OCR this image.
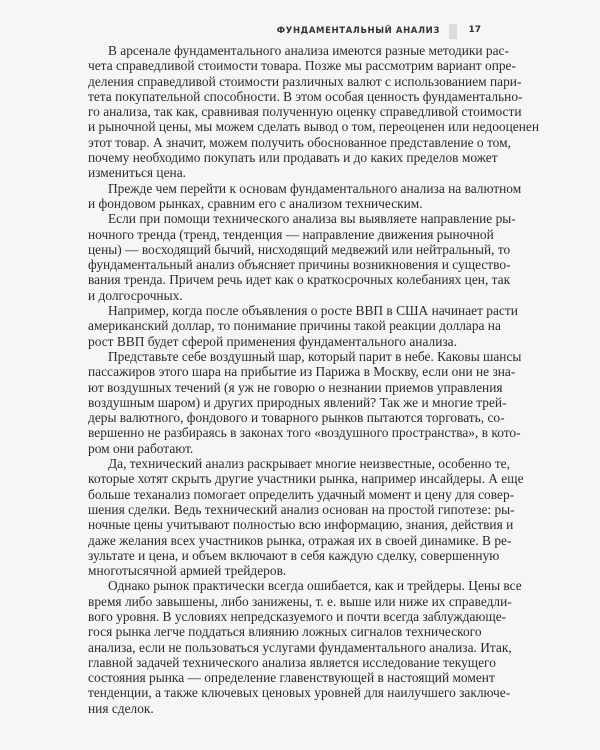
ФУНДАМЕНТАЛЬНЫЙ АНАЛИЗ	17

В арсенале фундаментального анализа имеются разные методики рас-
чета справедливой стоимости товара. Позже мы рассмотрим вариант опре-
деления справедливой стоимости различных валют с использованием пари-
тета покупательной способности. В этом особая ценность фундаментально-
го анализа, так как, сравнивая полученную оценку справедливой стоимости
и рыночной цены, мы можем сделать вывод о том, переоценен или недооценен
этот товар. А значит, можем получить обоснованное представление о том,
почему необходимо покупать или продавать и до каких пределов может
измениться цена.

Прежде чем перейти к основам фундаментального анализа на валютном
и фондовом рынках, сравним его с анализом техническим.

Если при помощи технического анализа вы выявляете направление ры-
ночного тренда (тренд, тенденция — направление движения рыночной
цены) — восходящий бычий, нисходящий медвежий или нейтральный, то
фундаментальный анализ объясняет причины возникновения и существо-
вания тренда. Причем речь идет как о краткосрочных колебаниях цен, так
и долгосрочных.

Например, когда после объявления о росте ВВП в США начинает расти
американский доллар, то понимание причины такой реакции доллара на
рост ВВП будет сферой применения фундаментального анализа.

Представьте себе воздушный шар, который парит в небе. Каковы шансы
пассажиров этого шара на прибытие из Парижа в Москву, если они не зна-
ют воздушных течений (я уж не говорю о незнании приемов управления
воздушным шаром) и других природных явлений? Так же и многие трей-
деры валютного, фондового и товарного рынков пытаются торговать, со-
вершенно не разбираясь в законах того «воздушного пространства», в кото-
ром они работают.

Да, технический анализ раскрывает многие неизвестные, особенно те,
которые хотят скрыть другие участники рынка, например инсайдеры. А еще
больше теханализ помогает определить удачный момент и цену для совер-
шения сделки. Ведь технический анализ основан на простой гипотезе: ры-
ночные цены учитывают полностью всю информацию, знания, действия и
даже желания всех участников рынка, отражая их в своей динамике. В ре-
зультате и цена, и объем включают в себя каждую сделку, совершенную
многотысячной армией трейдеров.

Однако рынок практически всегда ошибается, как и трейдеры. Цены все
время либо завышены, либо занижены, т. е. выше или ниже их справедли-
вого уровня. В условиях непредсказуемого и почти всегда заблуждающе-
гося рынка легче поддаться влиянию ложных сигналов технического
анализа, если не пользоваться услугами фундаментального анализа. Итак,
главной задачей технического анализа является исследование текущего
состояния рынка — определение главенствующей в настоящий момент
тенденции, а также ключевых ценовых уровней для наилучшего заключе-
ния сделок.
